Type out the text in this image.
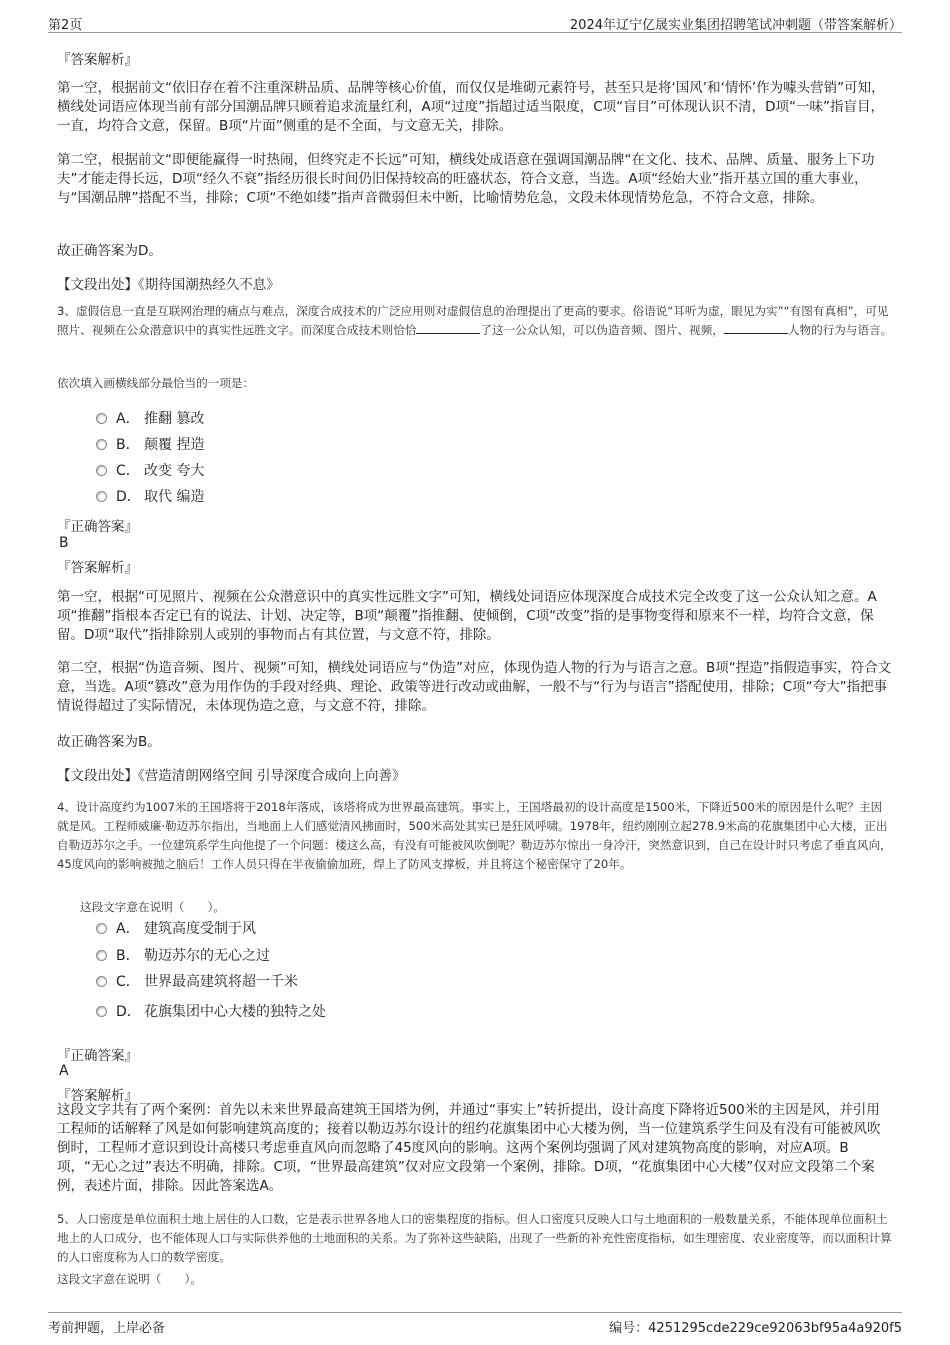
第2页	2024年辽宁亿晟实业集团招聘笔试冲刺题（带答案解析）
『答案解析』

第一空，根据前文“依旧存在着不注重深耕品质、品牌等核心价值，而仅仅是堆砌元素符号，甚至只是将‘国风’和‘情怀’作为噱头营销”可知，横线处词语应体现当前有部分国潮品牌只顾着追求流量红利，A项“过度”指超过适当限度，C项“盲目”可体现认识不清，D项“一味”指盲目，一直，均符合文意，保留。B项“片面”侧重的是不全面，与文意无关，排除。

第二空，根据前文“即便能赢得一时热闹，但终究走不长远”可知，横线处成语意在强调国潮品牌“在文化、技术、品牌、质量、服务上下功夫”才能走得长远，D项“经久不衰”指经历很长时间仍旧保持较高的旺盛状态，符合文意，当选。A项“经始大业”指开基立国的重大事业，与“国潮品牌”搭配不当，排除；C项“不绝如缕”指声音微弱但未中断，比喻情势危急，文段未体现情势危急，不符合文意，排除。

故正确答案为D。
【文段出处】《期待国潮热经久不息》

3、虚假信息一直是互联网治理的痛点与难点，深度合成技术的广泛应用则对虚假信息的治理提出了更高的要求。俗语说“耳听为虚，眼见为实”“有图有真相”，可见照片、视频在公众潜意识中的真实性远胜文字。而深度合成技术则恰恰	了这一公众认知，可以伪造音频、图片、视频，	人物的行为与语言。

依次填入画横线部分最恰当的一项是：
A． 推翻 篡改
B． 颠覆 捏造
C． 改变 夸大
D． 取代 编造
『正确答案』
B
『答案解析』

第一空，根据“可见照片、视频在公众潜意识中的真实性远胜文字”可知，横线处词语应体现深度合成技术完全改变了这一公众认知之意。A项“推翻”指根本否定已有的说法、计划、决定等，B项“颠覆”指推翻、使倾倒，C项“改变”指的是事物变得和原来不一样，均符合文意，保留。D项“取代”指排除别人或别的事物而占有其位置，与文意不符，排除。

第二空，根据“伪造音频、图片、视频”可知，横线处词语应与“伪造”对应，体现伪造人物的行为与语言之意。B项“捏造”指假造事实，符合文意，当选。A项“篡改”意为用作伪的手段对经典、理论、政策等进行改动或曲解，一般不与“行为与语言”搭配使用，排除；C项“夸大”指把事情说得超过了实际情况，未体现伪造之意，与文意不符，排除。

故正确答案为B。
【文段出处】《营造清朗网络空间 引导深度合成向上向善》

4、设计高度约为1007米的王国塔将于2018年落成，该塔将成为世界最高建筑。事实上，王国塔最初的设计高度是1500米，下降近500米的原因是什么呢？主因就是风。工程师威廉·勒迈苏尔指出，当地面上人们感觉清风拂面时，500米高处其实已是狂风呼啸。1978年，纽约刚刚立起278.9米高的花旗集团中心大楼，正出自勒迈苏尔之手。一位建筑系学生向他提了一个问题：楼这么高，有没有可能被风吹倒呢？勒迈苏尔惊出一身冷汗，突然意识到，自己在设计时只考虑了垂直风向，45度风向的影响被抛之脑后！工作人员只得在半夜偷偷加班，焊上了防风支撑板，并且将这个秘密保守了20年。

这段文字意在说明（　　）。
A． 建筑高度受制于风
B． 勒迈苏尔的无心之过
C． 世界最高建筑将超一千米
D． 花旗集团中心大楼的独特之处
『正确答案』
A
『答案解析』

这段文字共有了两个案例：首先以未来世界最高建筑王国塔为例，并通过“事实上”转折提出，设计高度下降将近500米的主因是风，并引用工程师的话解释了风是如何影响建筑高度的；接着以勒迈苏尔设计的纽约花旗集团中心大楼为例，当一位建筑系学生问及有没有可能被风吹倒时，工程师才意识到设计高楼只考虑垂直风向而忽略了45度风向的影响。这两个案例均强调了风对建筑物高度的影响，对应A项。B项，“无心之过”表达不明确，排除。C项，“世界最高建筑”仅对应文段第一个案例，排除。D项，“花旗集团中心大楼”仅对应文段第二个案例，表述片面，排除。因此答案选A。

5、人口密度是单位面积土地上居住的人口数，它是表示世界各地人口的密集程度的指标。但人口密度只反映人口与土地面积的一般数量关系，不能体现单位面积土地上的人口成分，也不能体现人口与实际供养他的土地面积的关系。为了弥补这些缺陷，出现了一些新的补充性密度指标，如生理密度、农业密度等，而以面积计算的人口密度称为人口的数学密度。

这段文字意在说明（　　）。
考前押题，上岸必备	编号：4251295cde229ce92063bf95a4a920f5
